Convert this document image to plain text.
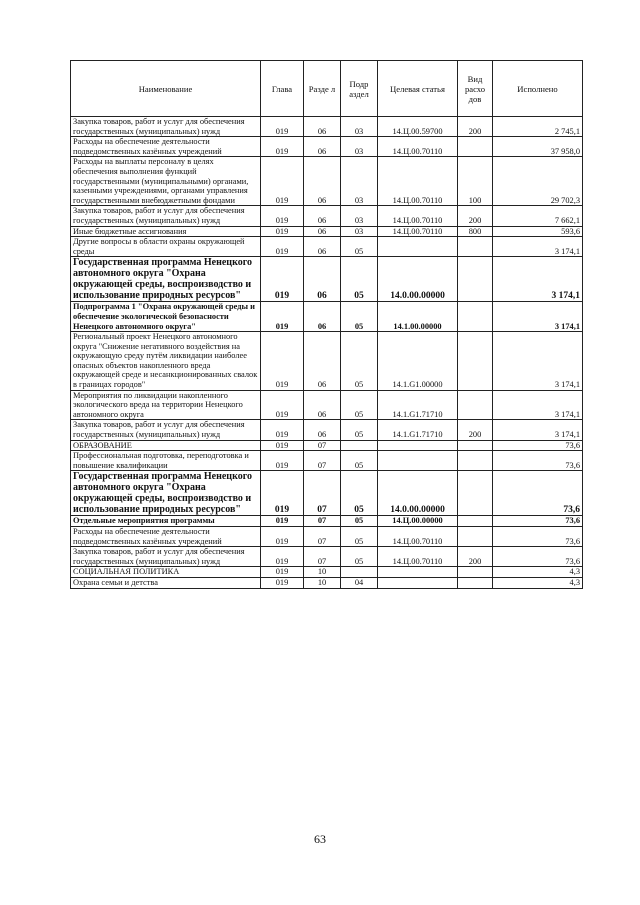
Наименование	Глава	Разде л	Подр аздел	Целевая статья	Вид расхо дов	Исполнено
Закупка товаров, работ и услуг для обеспечения государственных (муниципальных) нужд	019	06	03	14.Ц.00.59700	200	2 745,1
Расходы на обеспечение деятельности подведомственных казённых учреждений	019	06	03	14.Ц.00.70110		37 958,0
Расходы на выплаты персоналу в целях обеспечения выполнения функций государственными (муниципальными) органами, казенными учреждениями, органами управления государственными внебюджетными фондами	019	06	03	14.Ц.00.70110	100	29 702,3
Закупка товаров, работ и услуг для обеспечения государственных (муниципальных) нужд	019	06	03	14.Ц.00.70110	200	7 662,1
Иные бюджетные ассигнования	019	06	03	14.Ц.00.70110	800	593,6
Другие вопросы в области охраны окружающей среды	019	06	05			3 174,1
Государственная программа Ненецкого автономного округа "Охрана окружающей среды, воспроизводство и использование природных ресурсов"	019	06	05	14.0.00.00000		3 174,1
Подпрограмма 1 "Охрана окружающей среды и обеспечение экологической безопасности Ненецкого автономного округа"	019	06	05	14.1.00.00000		3 174,1
Региональный проект Ненецкого автономного округа "Снижение негативного воздействия на окружающую среду путём ликвидации наиболее опасных объектов накопленного вреда окружающей среде и несанкционированных свалок в границах городов"	019	06	05	14.1.G1.00000		3 174,1
Мероприятия по ликвидации накопленного экологического вреда на территории Ненецкого автономного округа	019	06	05	14.1.G1.71710		3 174,1
Закупка товаров, работ и услуг для обеспечения государственных (муниципальных) нужд	019	06	05	14.1.G1.71710	200	3 174,1
ОБРАЗОВАНИЕ	019	07				73,6
Профессиональная подготовка, переподготовка и повышение квалификации	019	07	05			73,6
Государственная программа Ненецкого автономного округа "Охрана окружающей среды, воспроизводство и использование природных ресурсов"	019	07	05	14.0.00.00000		73,6
Отдельные мероприятия программы	019	07	05	14.Ц.00.00000		73,6
Расходы на обеспечение деятельности подведомственных казённых учреждений	019	07	05	14.Ц.00.70110		73,6
Закупка товаров, работ и услуг для обеспечения государственных (муниципальных) нужд	019	07	05	14.Ц.00.70110	200	73,6
СОЦИАЛЬНАЯ ПОЛИТИКА	019	10				4,3
Охрана семьи и детства	019	10	04			4,3
63
